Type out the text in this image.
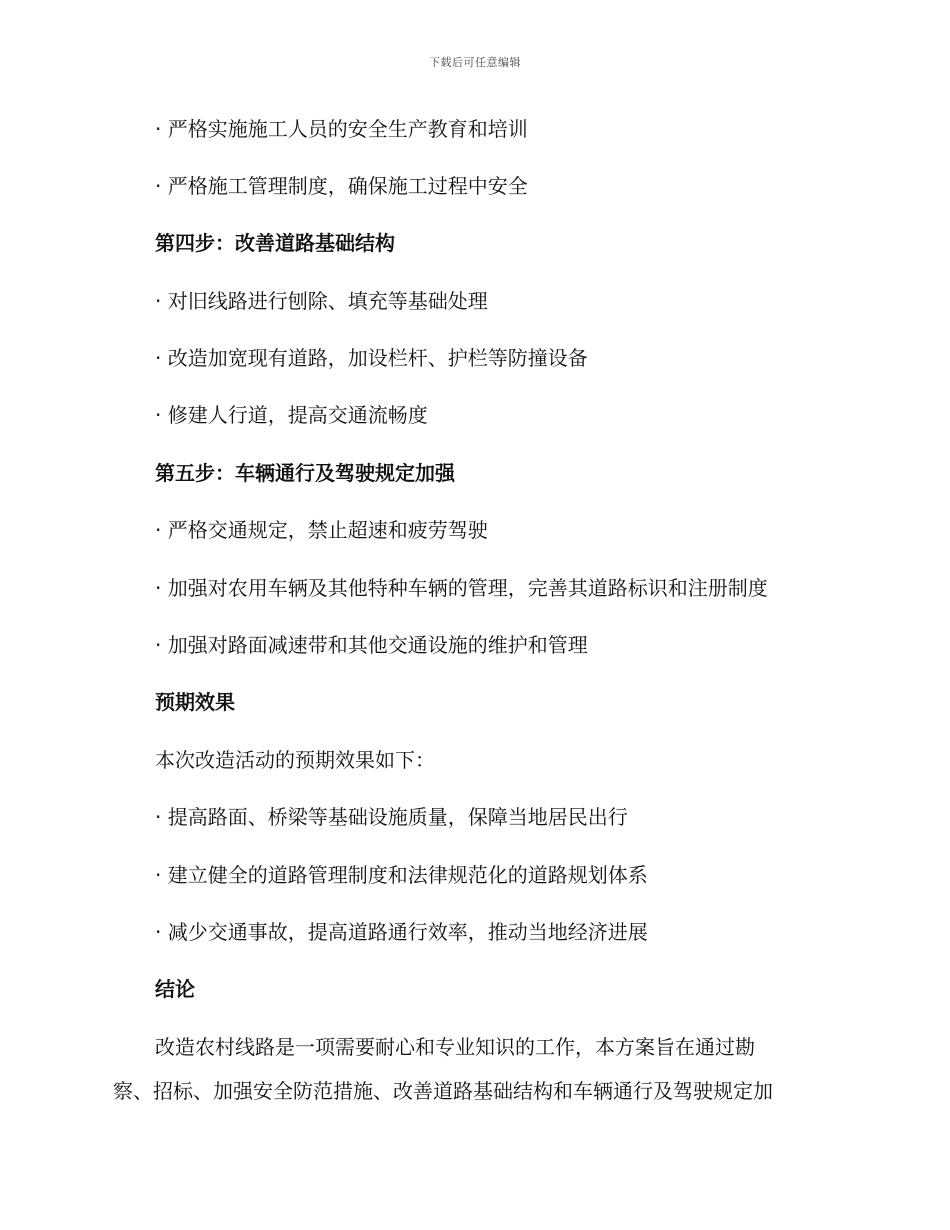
下载后可任意编辑
· 严格实施施工人员的安全生产教育和培训
· 严格施工管理制度，确保施工过程中安全
第四步：改善道路基础结构
· 对旧线路进行刨除、填充等基础处理
· 改造加宽现有道路，加设栏杆、护栏等防撞设备
· 修建人行道，提高交通流畅度
第五步：车辆通行及驾驶规定加强
· 严格交通规定，禁止超速和疲劳驾驶
· 加强对农用车辆及其他特种车辆的管理，完善其道路标识和注册制度
· 加强对路面减速带和其他交通设施的维护和管理
预期效果
本次改造活动的预期效果如下：
· 提高路面、桥梁等基础设施质量，保障当地居民出行
· 建立健全的道路管理制度和法律规范化的道路规划体系
· 减少交通事故，提高道路通行效率，推动当地经济进展
结论
改造农村线路是一项需要耐心和专业知识的工作，本方案旨在通过勘
察、招标、加强安全防范措施、改善道路基础结构和车辆通行及驾驶规定加
